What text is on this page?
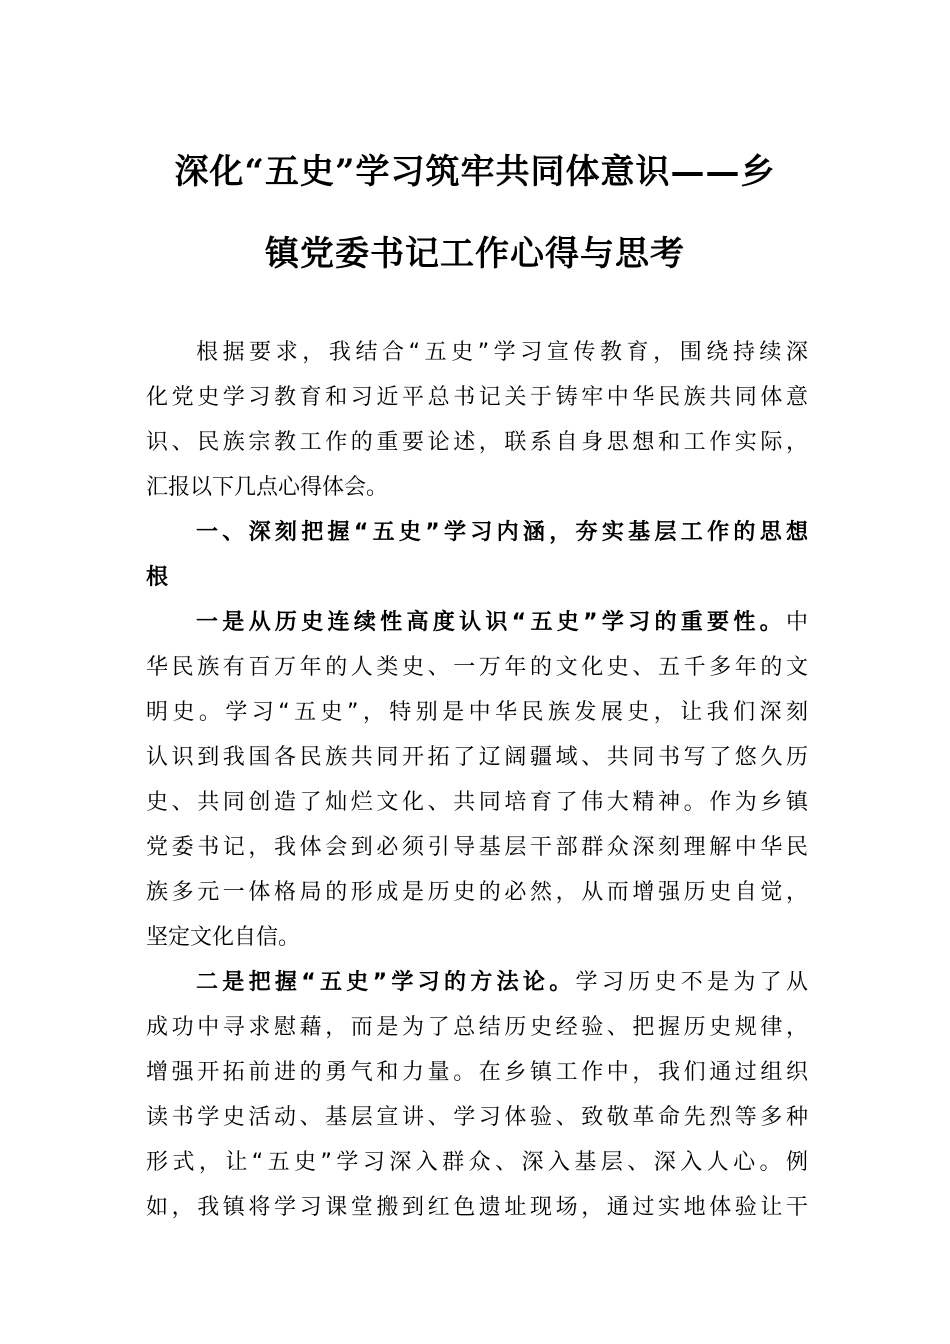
深化“五史”学习筑牢共同体意识——乡
镇党委书记工作心得与思考
根据要求，我结合“五史”学习宣传教育，围绕持续深
化党史学习教育和习近平总书记关于铸牢中华民族共同体意
识、民族宗教工作的重要论述，联系自身思想和工作实际，
汇报以下几点心得体会。
一、深刻把握“五史”学习内涵，夯实基层工作的思想
根
一是从历史连续性高度认识“五史”学习的重要性。中
华民族有百万年的人类史、一万年的文化史、五千多年的文
明史。学习“五史”，特别是中华民族发展史，让我们深刻
认识到我国各民族共同开拓了辽阔疆域、共同书写了悠久历
史、共同创造了灿烂文化、共同培育了伟大精神。作为乡镇
党委书记，我体会到必须引导基层干部群众深刻理解中华民
族多元一体格局的形成是历史的必然，从而增强历史自觉，
坚定文化自信。
二是把握“五史”学习的方法论。学习历史不是为了从
成功中寻求慰藉，而是为了总结历史经验、把握历史规律，
增强开拓前进的勇气和力量。在乡镇工作中，我们通过组织
读书学史活动、基层宣讲、学习体验、致敬革命先烈等多种
形式，让“五史”学习深入群众、深入基层、深入人心。例
如，我镇将学习课堂搬到红色遗址现场，通过实地体验让干
